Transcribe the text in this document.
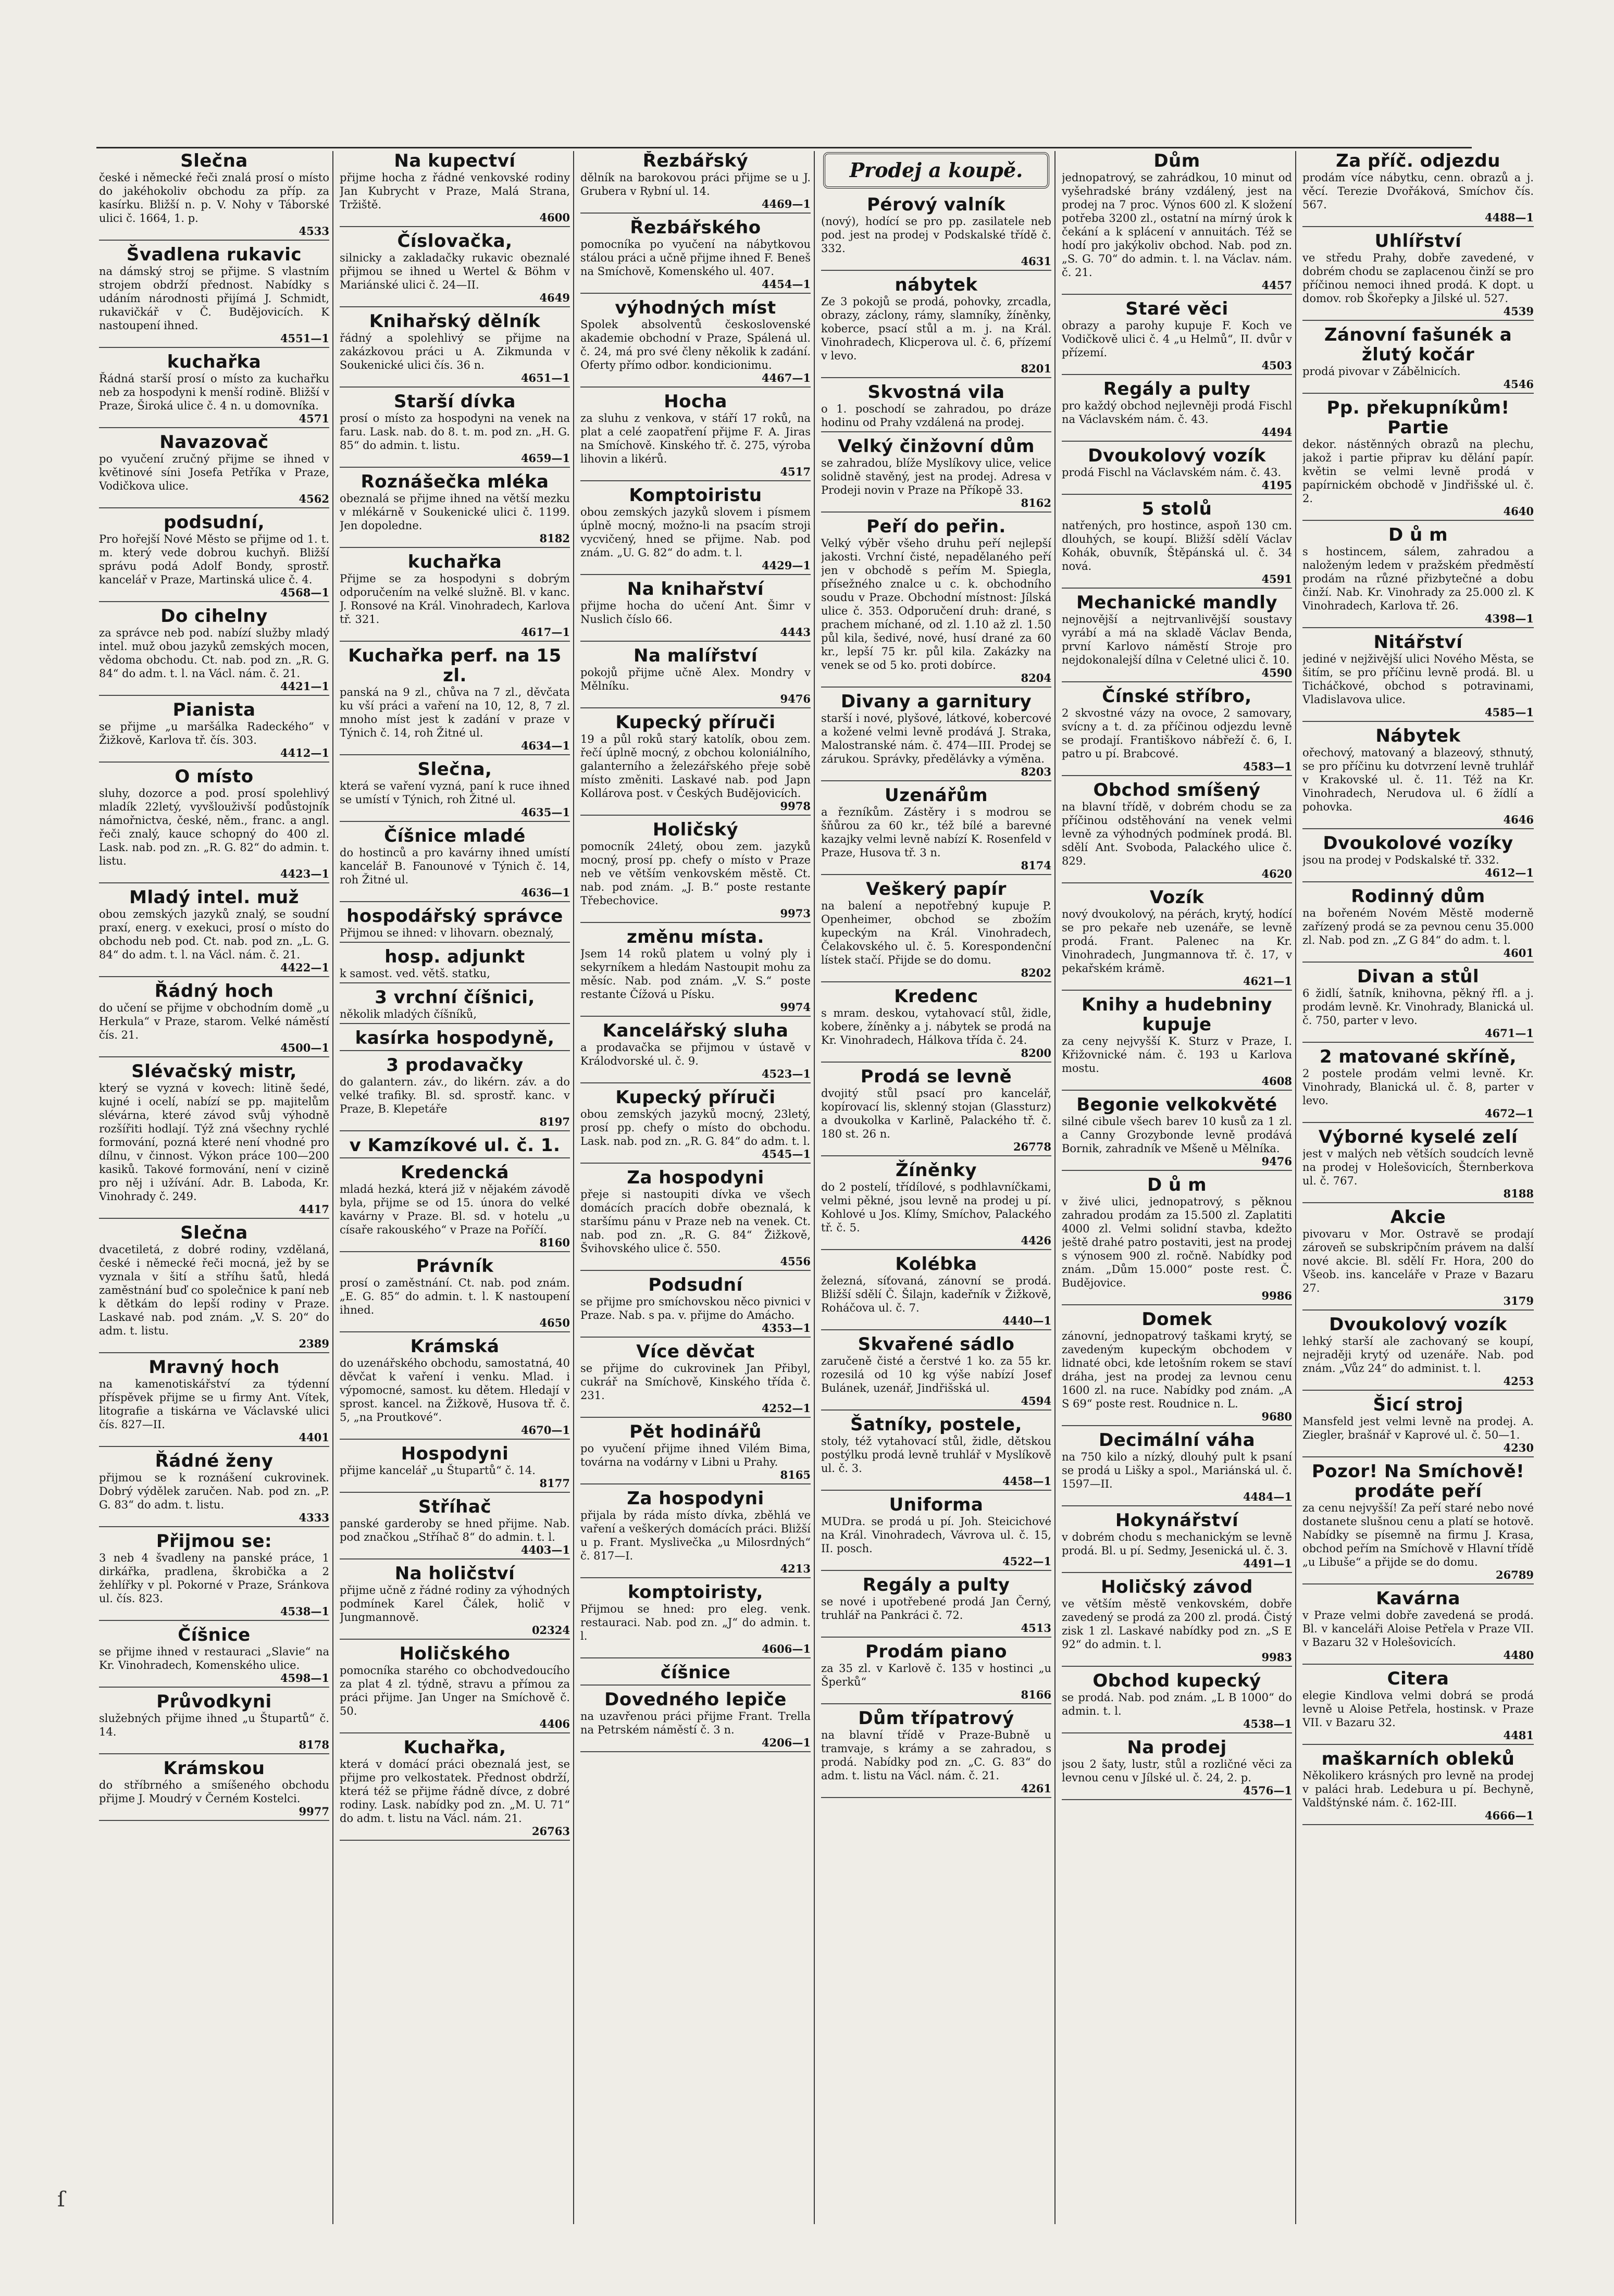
Slečna

české i německé řeči znalá prosí o místo do jakéhokoliv obchodu za příp. za kasírku. Bližší n. p. V. Nohy v Táborské ulici č. 1664, 1. p.

4533
Švadlena rukavic

na dámský stroj se přijme. S vlastním strojem obdrží přednost. Nabídky s udáním národnosti přijímá J. Schmidt, rukavičkář v Č. Budějovicích. K nastoupení ihned.

4551—1
kuchařka

Řádná starší prosí o místo za kuchařku neb za hospodyni k menší rodině. Bližší v Praze, Široká ulice č. 4 n. u domovníka.

4571
Navazovač

po vyučení zručný přijme se ihned v květinové síni Josefa Petříka v Praze, Vodičkova ulice.

4562
podsudní,

Pro hořejší Nové Město se přijme od 1. t. m. který vede dobrou kuchyň. Bližší správu podá Adolf Bondy, sprostř. kancelář v Praze, Martinská ulice č. 4.

4568—1
Do cihelny

za správce neb pod. nabízí služby mladý intel. muž obou jazyků zemských mocen, vědoma obchodu. Ct. nab. pod zn. „R. G. 84“ do adm. t. l. na Václ. nám. č. 21.

4421—1
Pianista

se přijme „u maršálka Radeckého“ v Žižkově, Karlova tř. čís. 303.

4412—1
O místo

sluhy, dozorce a pod. prosí spolehlivý mladík 22letý, vyvšlouživší podůstojník námořnictva, české, něm., franc. a angl. řeči znalý, kauce schopný do 400 zl. Lask. nab. pod zn. „R. G. 82“ do admin. t. listu.

4423—1
Mladý intel. muž

obou zemských jazyků znalý, se soudní praxí, energ. v exekuci, prosí o místo do obchodu neb pod. Ct. nab. pod zn. „L. G. 84“ do adm. t. l. na Václ. nám. č. 21.

4422—1
Řádný hoch

do učení se přijme v obchodním domě „u Herkula“ v Praze, starom. Velké náměstí čís. 21.

4500—1
Slévačský mistr,

který se vyzná v kovech: litině šedé, kujné i ocelí, nabízí se pp. majitelům slévárna, které závod svůj výhodně rozšířiti hodlají. Týž zná všechny rychlé formování, pozná které není vhodné pro dílnu, v činnost. Výkon práce 100—200 kasiků. Takové formování, není v cizině pro něj i užívání. Adr. B. Laboda, Kr. Vinohrady č. 249.

4417
Slečna

dvacetiletá, z dobré rodiny, vzdělaná, české i německé řeči mocná, jež by se vyznala v šití a stříhu šatů, hledá zaměstnání buď co společnice k paní neb k dětkám do lepší rodiny v Praze. Laskavé nab. pod znám. „V. S. 20“ do adm. t. listu.

2389
Mravný hoch

na kamenotiskářství za týdenní příspěvek přijme se u firmy Ant. Vítek, litografie a tiskárna ve Václavské ulici čís. 827—II.

4401
Řádné ženy

přijmou se k roznášení cukrovinek. Dobrý výdělek zaručen. Nab. pod zn. „P. G. 83“ do adm. t. listu.

4333
Přijmou se:

3 neb 4 švadleny na panské práce, 1 dirkářka, pradlena, škrobička a 2 žehlířky v pl. Pokorné v Praze, Sránkova ul. čís. 823.

4538—1
Číšnice

se přijme ihned v restauraci „Slavie“ na Kr. Vinohradech, Komenského ulice.

4598—1
Průvodkyni

služebných přijme ihned „u Štupartů“ č. 14.

8178
Krámskou

do stříbrného a smíšeného obchodu přijme J. Moudrý v Černém Kostelci.

9977
Na kupectví

přijme hocha z řádné venkovské rodiny Jan Kubrycht v Praze, Malá Strana, Tržiště.

4600
Číslovačka,

silnicky a zakladačky rukavic obeznalé přijmou se ihned u Wertel & Böhm v Mariánské ulici č. 24—II.

4649
Knihařský dělník

řádný a spolehlivý se přijme na zakázkovou práci u A. Zikmunda v Soukenické ulici čís. 36 n.

4651—1
Starší dívka

prosí o místo za hospodyni na venek na faru. Lask. nab. do 8. t. m. pod zn. „H. G. 85“ do admin. t. listu.

4659—1
Roznášečka mléka

obeznalá se přijme ihned na větší mezku v mlékárně v Soukenické ulici č. 1199. Jen dopoledne.

8182
kuchařka

Přijme se za hospodyni s dobrým odporučením na velké služně. Bl. v kanc. J. Ronsové na Král. Vinohradech, Karlova tř. 321.

4617—1
Kuchařka perf. na 15 zl.

panská na 9 zl., chůva na 7 zl., děvčata ku vší práci a vaření na 10, 12, 8, 7 zl. mnoho míst jest k zadání v praze v Týnich č. 14, roh Žitné ul.

4634—1
Slečna,

která se vaření vyzná, paní k ruce ihned se umístí v Týnich, roh Žitné ul.

4635—1
Číšnice mladé

do hostinců a pro kavárny ihned umístí kancelář B. Fanounové v Týnich č. 14, roh Žitné ul.

4636—1
hospodářský správce

Přijmou se ihned: v lihovarn. obeznalý,

hosp. adjunkt

k samost. ved. větš. statku,

3 vrchní číšnici,

několik mladých číšníků,

kasírka hospodyně,
3 prodavačky

do galantern. záv., do likérn. záv. a do velké trafiky. Bl. sd. sprostř. kanc. v Praze, B. Klepetáře

8197
v Kamzíkové ul. č. 1.
Kredencká

mladá hezká, která již v nějakém závodě byla, přijme se od 15. února do velké kavárny v Praze. Bl. sd. v hotelu „u císaře rakouského“ v Praze na Poříčí.

8160
Právník

prosí o zaměstnání. Ct. nab. pod znám. „E. G. 85“ do admin. t. l. K nastoupení ihned.

4650
Krámská

do uzenářského obchodu, samostatná, 40 děvčat k vaření i venku. Mlad. i výpomocné, samost. ku dětem. Hledají v sprost. kancel. na Žižkově, Husova tř. č. 5, „na Proutkové“.

4670—1
Hospodyni

přijme kancelář „u Štupartů“ č. 14.

8177
Stříhač

panské garderoby se hned přijme. Nab. pod značkou „Stříhač 8“ do admin. t. l.

4403—1
Na holičství

přijme učně z řádné rodiny za výhodných podmínek Karel Čálek, holič v Jungmannově.

02324
Holičského

pomocníka starého co obchodvedoucího za plat 4 zl. týdně, stravu a přímou za práci přijme. Jan Unger na Smíchově č. 50.

4406
Kuchařka,

která v domácí práci obeznalá jest, se přijme pro velkostatek. Přednost obdrží, která též se přijme řádně dívce, z dobré rodiny. Lask. nabídky pod zn. „M. U. 71“ do adm. t. listu na Václ. nám. 21.

26763
Řezbářský

dělník na barokovou práci přijme se u J. Grubera v Rybní ul. 14.

4469—1
Řezbářského

pomocníka po vyučení na nábytkovou stálou práci a učně přijme ihned F. Beneš na Smíchově, Komenského ul. 407.

4454—1
výhodných míst

Spolek absolventů československé akademie obchodní v Praze, Spálená ul. č. 24, má pro své členy několik k zadání. Oferty přímo odbor. kondicionimu.

4467—1
Hocha

za sluhu z venkova, v stáří 17 roků, na plat a celé zaopatření přijme F. A. Jiras na Smíchově. Kinského tř. č. 275, výroba lihovin a likérů.

4517
Komptoiristu

obou zemských jazyků slovem i písmem úplně mocný, možno-li na psacím stroji vycvičený, hned se přijme. Nab. pod znám. „U. G. 82“ do adm. t. l.

4429—1
Na knihařství

přijme hocha do učení Ant. Šimr v Nuslich číslo 66.

4443
Na malířství

pokojů přijme učně Alex. Mondry v Mělníku.

9476
Kupecký příruči

19 a půl roků starý katolík, obou zem. řečí úplně mocný, z obchou koloniálního, galanterního a železářského přeje sobě místo změniti. Laskavé nab. pod Japn Kollárova post. v Českých Budějovicích.

9978
Holičský

pomocník 24letý, obou zem. jazyků mocný, prosí pp. chefy o místo v Praze neb ve větším venkovském městě. Ct. nab. pod znám. „J. B.“ poste restante Třebechovice.

9973
změnu místa.

Jsem 14 roků platem u volný ply i sekyrníkem a hledám Nastoupit mohu za měsíc. Nab. pod znám. „V. S.“ poste restante Čížová u Písku.

9974
Kancelářský sluha

a prodavačka se přijmou v ústavě v Králodvorské ul. č. 9.

4523—1
Kupecký příruči

obou zemských jazyků mocný, 23letý, prosí pp. chefy o místo do obchodu. Lask. nab. pod zn. „R. G. 84“ do adm. t. l.

4545—1
Za hospodyni

přeje si nastoupiti dívka ve všech domácích pracích dobře obeznalá, k staršímu pánu v Praze neb na venek. Ct. nab. pod zn. „R. G. 84“ Žižkově, Švihovského ulice č. 550.

4556
Podsudní

se přijme pro smíchovskou něco pivnici v Praze. Nab. s pa. v. přijme do Amácho.

4353—1
Více děvčat

se přijme do cukrovinek Jan Přibyl, cukrář na Smíchově, Kinského třída č. 231.

4252—1
Pět hodinářů

po vyučení přijme ihned Vilém Bima, továrna na vodárny v Libni u Prahy.

8165
Za hospodyni

přijala by ráda místo dívka, zběhlá ve vaření a veškerých domácích práci. Bližší u p. Frant. Myslivečka „u Milosrdných“ č. 817—I.

4213
komptoiristy,

Přijmou se hned: pro eleg. venk. restauraci. Nab. pod zn. „J“ do admin. t. l.

4606—1
číšnice
Dovedného lepiče

na uzavřenou práci přijme Frant. Trella na Petrském náměstí č. 3 n.

4206—1
Prodej a koupě.
Pérový valník

(nový), hodící se pro pp. zasilatele neb pod. jest na prodej v Podskalské třídě č. 332.

4631
nábytek

Ze 3 pokojů se prodá, pohovky, zrcadla, obrazy, záclony, rámy, slamníky, žíněnky, koberce, psací stůl a m. j. na Král. Vinohradech, Klicperova ul. č. 6, přízemí v levo.

8201
Skvostná vila

o 1. poschodí se zahradou, po dráze hodinu od Prahy vzdálená na prodej.

Velký činžovní dům

se zahradou, blíže Myslíkovy ulice, velice solidně stavěný, jest na prodej. Adresa v Prodeji novin v Praze na Příkopě 33.

8162
Peří do peřin.

Velký výběr všeho druhu peří nejlepší jakosti. Vrchní čisté, nepadělaného peří jen v obchodě s peřím M. Spiegla, přísežného znalce u c. k. obchodního soudu v Praze. Obchodní místnost: Jílská ulice č. 353. Odporučení druh: drané, s prachem míchané, od zl. 1.10 až zl. 1.50 půl kila, šedivé, nové, husí drané za 60 kr., lepší 75 kr. půl kila. Zakázky na venek se od 5 ko. proti dobírce.

8204
Divany a garnitury

starší i nové, plyšové, látkové, kobercové a kožené velmi levně prodává J. Straka, Malostranské nám. č. 474—III. Prodej se zárukou. Správky, předělávky a výměna.

8203
Uzenářům

a řezníkům. Zástěry i s modrou se šňůrou za 60 kr., též bílé a barevné kazajky velmi levně nabízí K. Rosenfeld v Praze, Husova tř. 3 n.

8174
Veškerý papír

na balení a nepotřebný kupuje P. Openheimer, obchod se zbožím kupeckým na Král. Vinohradech, Čelakovského ul. č. 5. Korespondenční lístek stačí. Přijde se do domu.

8202
Kredenc

s mram. deskou, vytahovací stůl, židle, kobere, žíněnky a j. nábytek se prodá na Kr. Vinohradech, Hálkova třída č. 24.

8200
Prodá se levně

dvojitý stůl psací pro kancelář, kopírovací lis, sklenný stojan (Glassturz) a dvoukolka v Karlině, Palackého tř. č. 180 st. 26 n.

26778
Žíněnky

do 2 postelí, třídílové, s podhlavníčkami, velmi pěkné, jsou levně na prodej u pí. Kohlové u Jos. Klímy, Smíchov, Palackého tř. č. 5.

4426
Kolébka

železná, síťovaná, zánovní se prodá. Bližší sdělí Č. Šilajn, kadeřník v Žižkově, Roháčova ul. č. 7.

4440—1
Skvařené sádlo

zaručeně čisté a čerstvé 1 ko. za 55 kr. rozesilá od 10 kg výše nabízí Josef Bulánek, uzenář, Jindřišská ul.

4594
Šatníky, postele,

stoly, též vytahovací stůl, židle, dětskou postýlku prodá levně truhlář v Myslíkově ul. č. 3.

4458—1
Uniforma

MUDra. se prodá u pí. Joh. Steicichové na Král. Vinohradech, Vávrova ul. č. 15, II. posch.

4522—1
Regály a pulty

se nové i upotřebené prodá Jan Černý, truhlář na Pankráci č. 72.

4513
Prodám piano

za 35 zl. v Karlově č. 135 v hostinci „u Šperků“

8166
Dům třípatrový

na blavní třídě v Praze-Bubně u tramvaje, s krámy a se zahradou, s prodá. Nabídky pod zn. „C. G. 83“ do adm. t. listu na Václ. nám. č. 21.

4261
Dům

jednopatrový, se zahrádkou, 10 minut od vyšehradské brány vzdálený, jest na prodej na 7 proc. Výnos 600 zl. K složení potřeba 3200 zl., ostatní na mírný úrok k čekání a k splácení v annuitách. Též se hodí pro jakýkoliv obchod. Nab. pod zn. „S. G. 70“ do admin. t. l. na Václav. nám. č. 21.

4457
Staré věci

obrazy a parohy kupuje F. Koch ve Vodičkově ulici č. 4 „u Helmů“, II. dvůr v přízemí.

4503
Regály a pulty

pro každý obchod nejlevněji prodá Fischl na Václavském nám. č. 43.

4494
Dvoukolový vozík

prodá Fischl na Václavském nám. č. 43.

4195
5 stolů

natřených, pro hostince, aspoň 130 cm. dlouhých, se koupí. Bližší sdělí Václav Kohák, obuvník, Štěpánská ul. č. 34 nová.

4591
Mechanické mandly

nejnovější a nejtrvanlivější soustavy vyrábí a má na skladě Václav Benda, první Karlovo náměstí Stroje pro nejdokonalejší dílna v Celetné ulici č. 10.

4590
Čínské stříbro,

2 skvostné vázy na ovoce, 2 samovary, svícny a t. d. za příčinou odjezdu levně se prodají. Františkovo nábřeží č. 6, I. patro u pí. Brabcové.

4583—1
Obchod smíšený

na blavní třídě, v dobrém chodu se za příčinou odstěhování na venek velmi levně za výhodných podmínek prodá. Bl. sdělí Ant. Svoboda, Palackého ulice č. 829.

4620
Vozík

nový dvoukolový, na pérách, krytý, hodící se pro pekaře neb uzenáře, se levně prodá. Frant. Palenec na Kr. Vinohradech, Jungmannova tř. č. 17, v pekařském krámě.

4621—1
Knihy a hudebniny kupuje

za ceny nejvyšší K. Sturz v Praze, I. Křižovnické nám. č. 193 u Karlova mostu.

4608
Begonie velkokvěté

silné cibule všech barev 10 kusů za 1 zl. a Canny Grozybonde levně prodává Bornik, zahradník ve Mšeně u Mělníka.

9476
D ů m

v živé ulici, jednopatrový, s pěknou zahradou prodám za 15.500 zl. Zaplatiti 4000 zl. Velmi solidní stavba, kdežto ještě drahé patro postaviti, jest na prodej s výnosem 900 zl. ročně. Nabídky pod znám. „Dům 15.000“ poste rest. Č. Budějovice.

9986
Domek

zánovní, jednopatrový taškami krytý, se zavedeným kupeckým obchodem v lidnaté obci, kde letošním rokem se staví dráha, jest na prodej za levnou cenu 1600 zl. na ruce. Nabídky pod znám. „A S 69“ poste rest. Roudnice n. L.

9680
Decimální váha

na 750 kilo a nízký, dlouhý pult k psaní se prodá u Lišky a spol., Mariánská ul. č. 1597—II.

4484—1
Hokynářství

v dobrém chodu s mechanickým se levně prodá. Bl. u pí. Sedmy, Jesenická ul. č. 3.

4491—1
Holičský závod

ve větším městě venkovském, dobře zavedený se prodá za 200 zl. prodá. Čistý zisk 1 zl. Laskavé nabídky pod zn. „S E 92“ do admin. t. l.

9983
Obchod kupecký

se prodá. Nab. pod znám. „L B 1000“ do admin. t. l.

4538—1
Na prodej

jsou 2 šaty, lustr, stůl a rozličné věci za levnou cenu v Jílské ul. č. 24, 2. p.

4576—1
Za příč. odjezdu

prodám více nábytku, cenn. obrazů a j. věcí. Terezie Dvořáková, Smíchov čís. 567.

4488—1
Uhlířství

ve středu Prahy, dobře zavedené, v dobrém chodu se zaplacenou činží se pro příčinou nemoci ihned prodá. K dopt. u domov. rob Škořepky a Jilské ul. 527.

4539
Zánovní fašunék a žlutý kočár

prodá pivovar v Zábělnicích.

4546
Pp. překupníkům! Partie

dekor. nástěnných obrazů na plechu, jakož i partie připrav ku dělání papír. květin se velmi levně prodá v papírnickém obchodě v Jindřišské ul. č. 2.

4640
D ů m

s hostincem, sálem, zahradou a naloženým ledem v pražském předměstí prodám na různé přizbytečné a dobu činží. Nab. Kr. Vinohrady za 25.000 zl. K Vinohradech, Karlova tř. 26.

4398—1
Nitářství

jediné v nejživější ulici Nového Města, se šitím, se pro příčinu levně prodá. Bl. u Ticháčkové, obchod s potravinami, Vladislavova ulice.

4585—1
Nábytek

ořechový, matovaný a blazeový, sthnutý, se pro příčinu ku dotvrzení levně truhlář v Krakovské ul. č. 11. Též na Kr. Vinohradech, Nerudova ul. 6 žídlí a pohovka.

4646
Dvoukolové vozíky

jsou na prodej v Podskalské tř. 332.

4612—1
Rodinný dům

na bořeném Novém Městě moderně zařízený prodá se za pevnou cenu 35.000 zl. Nab. pod zn. „Z G 84“ do adm. t. l.

4601
Divan a stůl

6 židlí, šatník, knihovna, pěkný řfl. a j. prodám levně. Kr. Vinohrady, Blanická ul. č. 750, parter v levo.

4671—1
2 matované skříně,

2 postele prodám velmi levně. Kr. Vinohrady, Blanická ul. č. 8, parter v levo.

4672—1
Výborné kyselé zelí

jest v malých neb větších soudcích levně na prodej v Holešovicích, Šternberkova ul. č. 767.

8188
Akcie

pivovaru v Mor. Ostravě se prodají zároveň se subskripčním právem na další nové akcie. Bl. sdělí Fr. Hora, 200 do Všeob. ins. kanceláře v Praze v Bazaru 27.

3179
Dvoukolový vozík

lehký starší ale zachovaný se koupí, nejraději krytý od uzenáře. Nab. pod znám. „Vůz 24“ do administ. t. l.

4253
Šicí stroj

Mansfeld jest velmi levně na prodej. A. Ziegler, brašnář v Kaprové ul. č. 50—1.

4230
Pozor! Na Smíchově! prodáte peří

za cenu nejvyšší! Za peří staré nebo nové dostanete slušnou cenu a platí se hotově. Nabídky se písemně na firmu J. Krasa, obchod peřím na Smíchově v Hlavní třídě „u Libuše“ a přijde se do domu.

26789
Kavárna

v Praze velmi dobře zavedená se prodá. Bl. v kanceláři Aloise Petřela v Praze VII. v Bazaru 32 v Holešovicích.

4480
Citera

elegie Kindlova velmi dobrá se prodá levně u Aloise Petřela, hostinsk. v Praze VII. v Bazaru 32.

4481
maškarních obleků

Několikero krásných pro levně na prodej v paláci hrab. Ledebura u pí. Bechyně, Valdštýnské nám. č. 162-III.

4666—1
ſ
